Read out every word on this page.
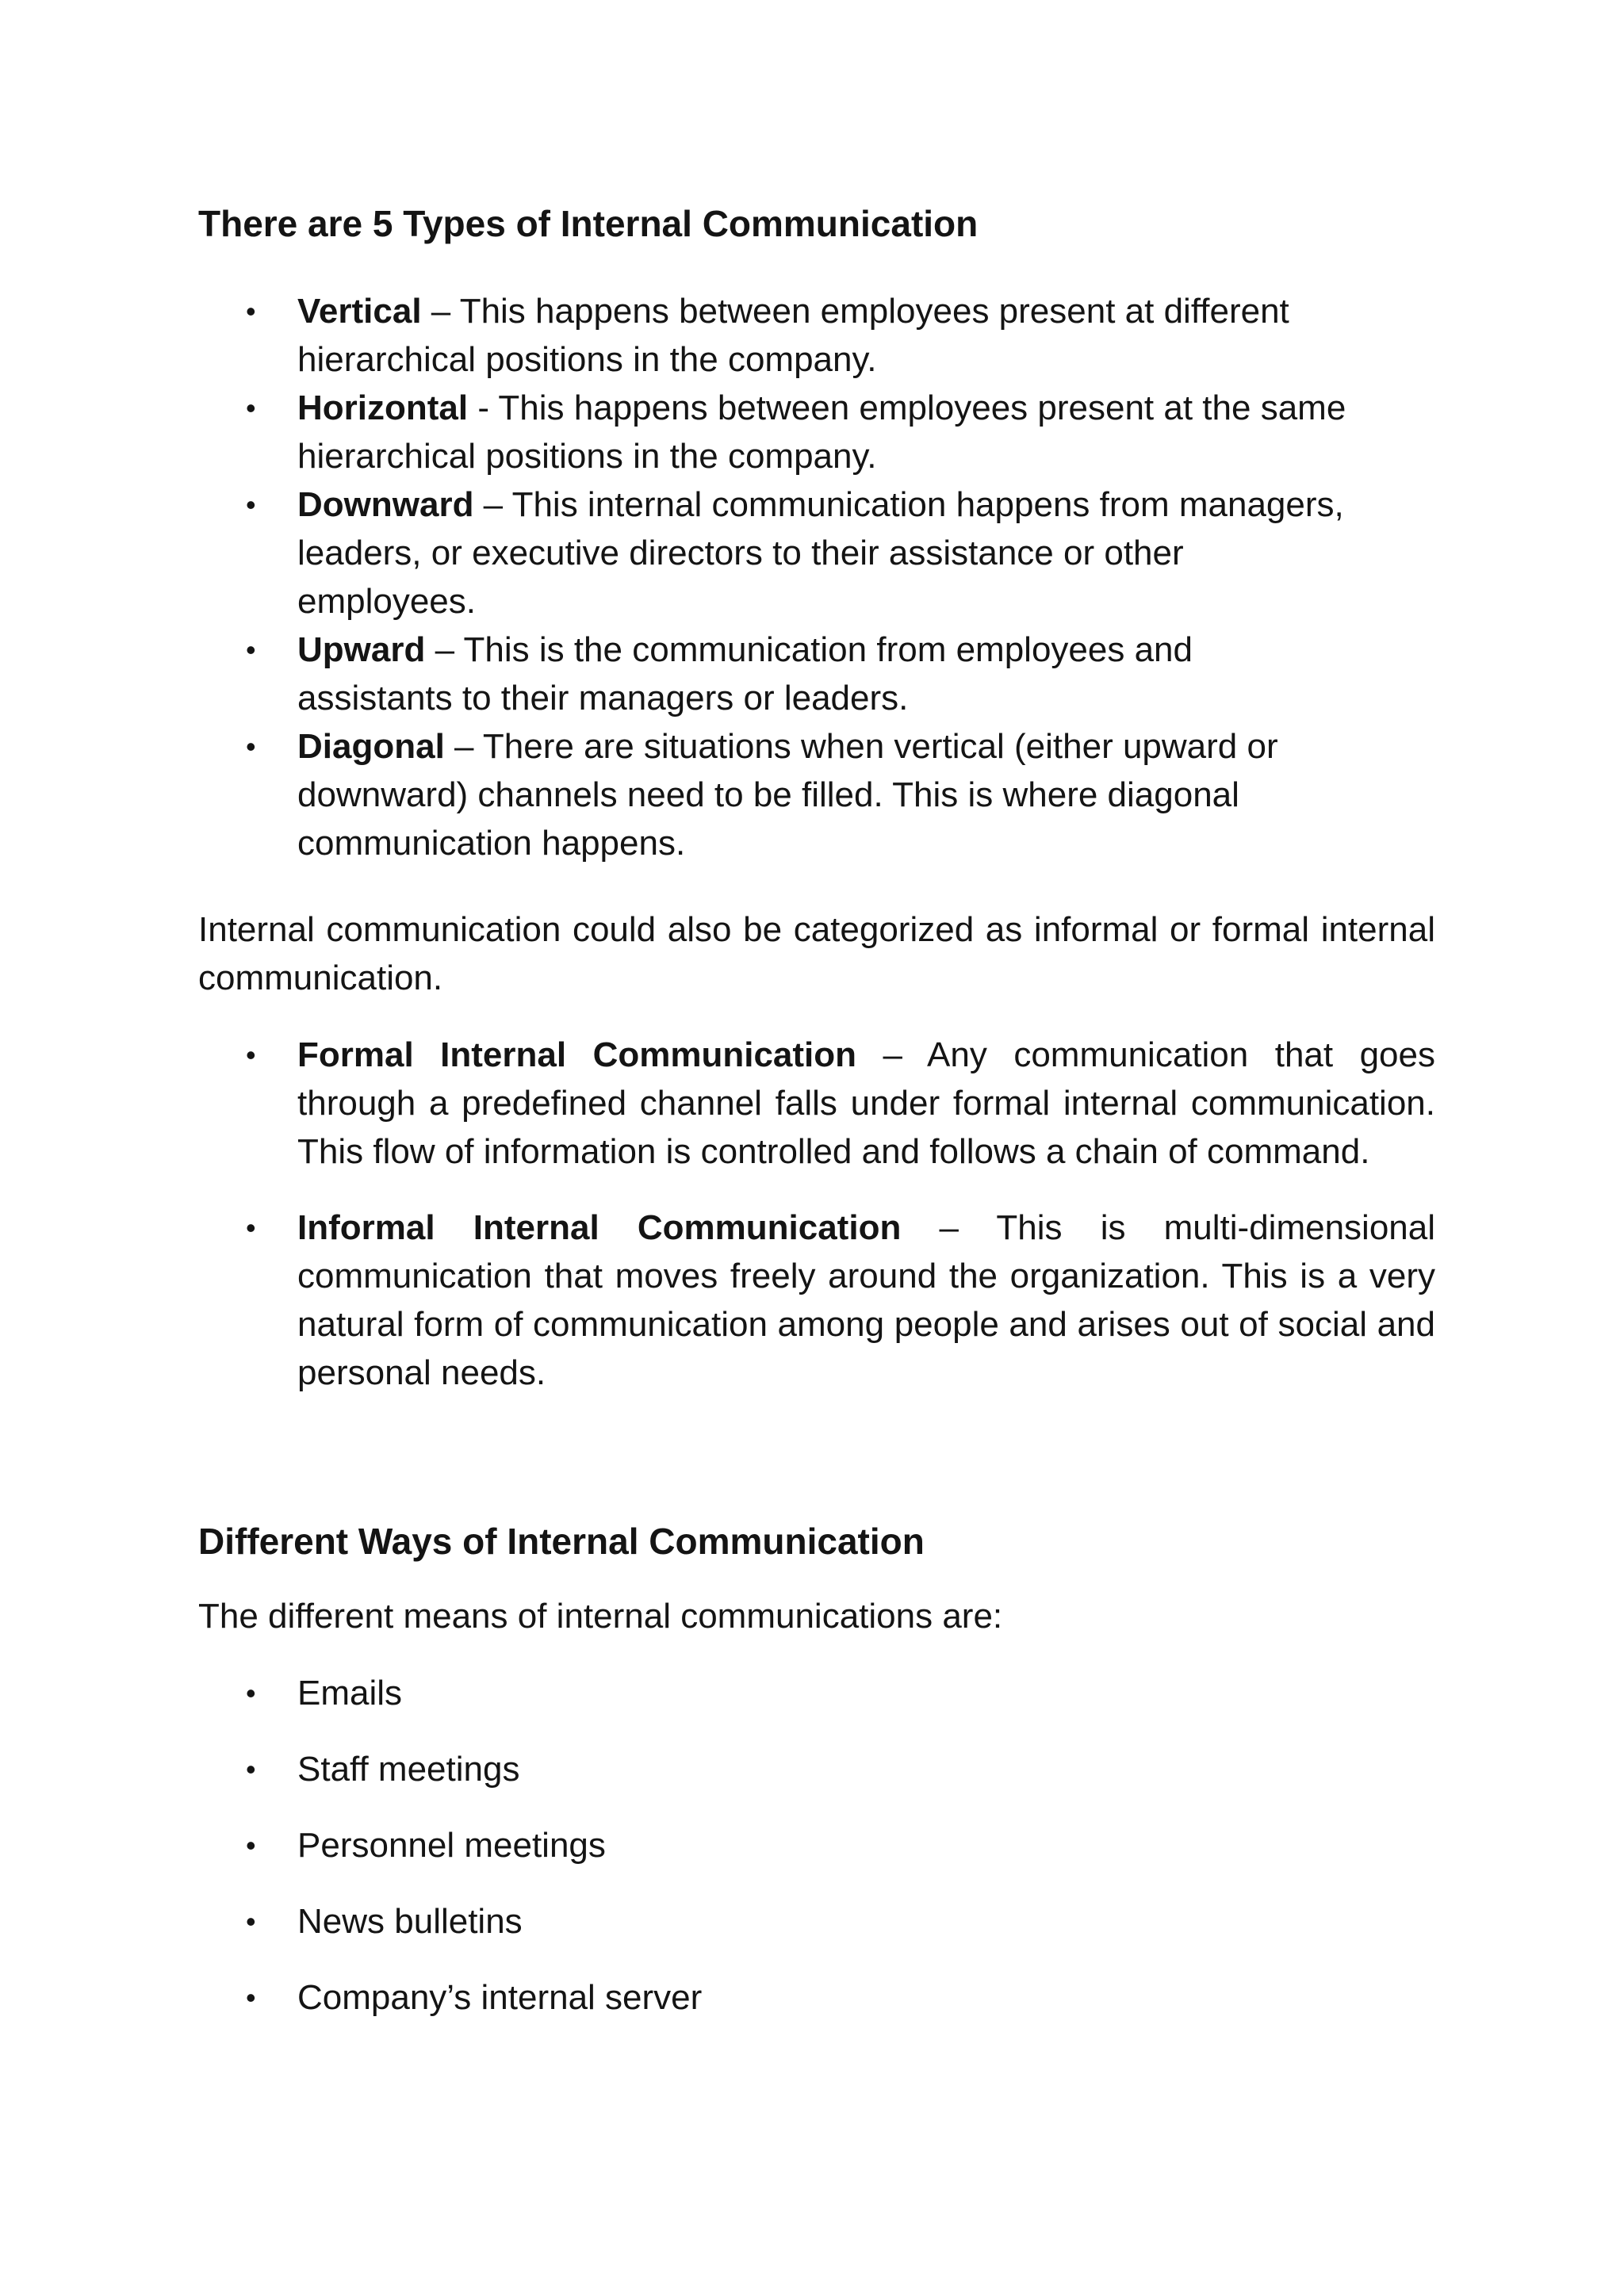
There are 5 Types of Internal Communication
• Vertical – This happens between employees present at different hierarchical positions in the company.
• Horizontal - This happens between employees present at the same hierarchical positions in the company.
• Downward – This internal communication happens from managers, leaders, or executive directors to their assistance or other employees.
• Upward – This is the communication from employees and assistants to their managers or leaders.
• Diagonal – There are situations when vertical (either upward or downward) channels need to be filled. This is where diagonal communication happens.

Internal communication could also be categorized as informal or formal internal communication.

• Formal Internal Communication – Any communication that goes through a predefined channel falls under formal internal communication. This flow of information is controlled and follows a chain of command.
• Informal Internal Communication – This is multi-dimensional communication that moves freely around the organization. This is a very natural form of communication among people and arises out of social and personal needs.
Different Ways of Internal Communication

The different means of internal communications are:

• Emails
• Staff meetings
• Personnel meetings
• News bulletins
• Company’s internal server
